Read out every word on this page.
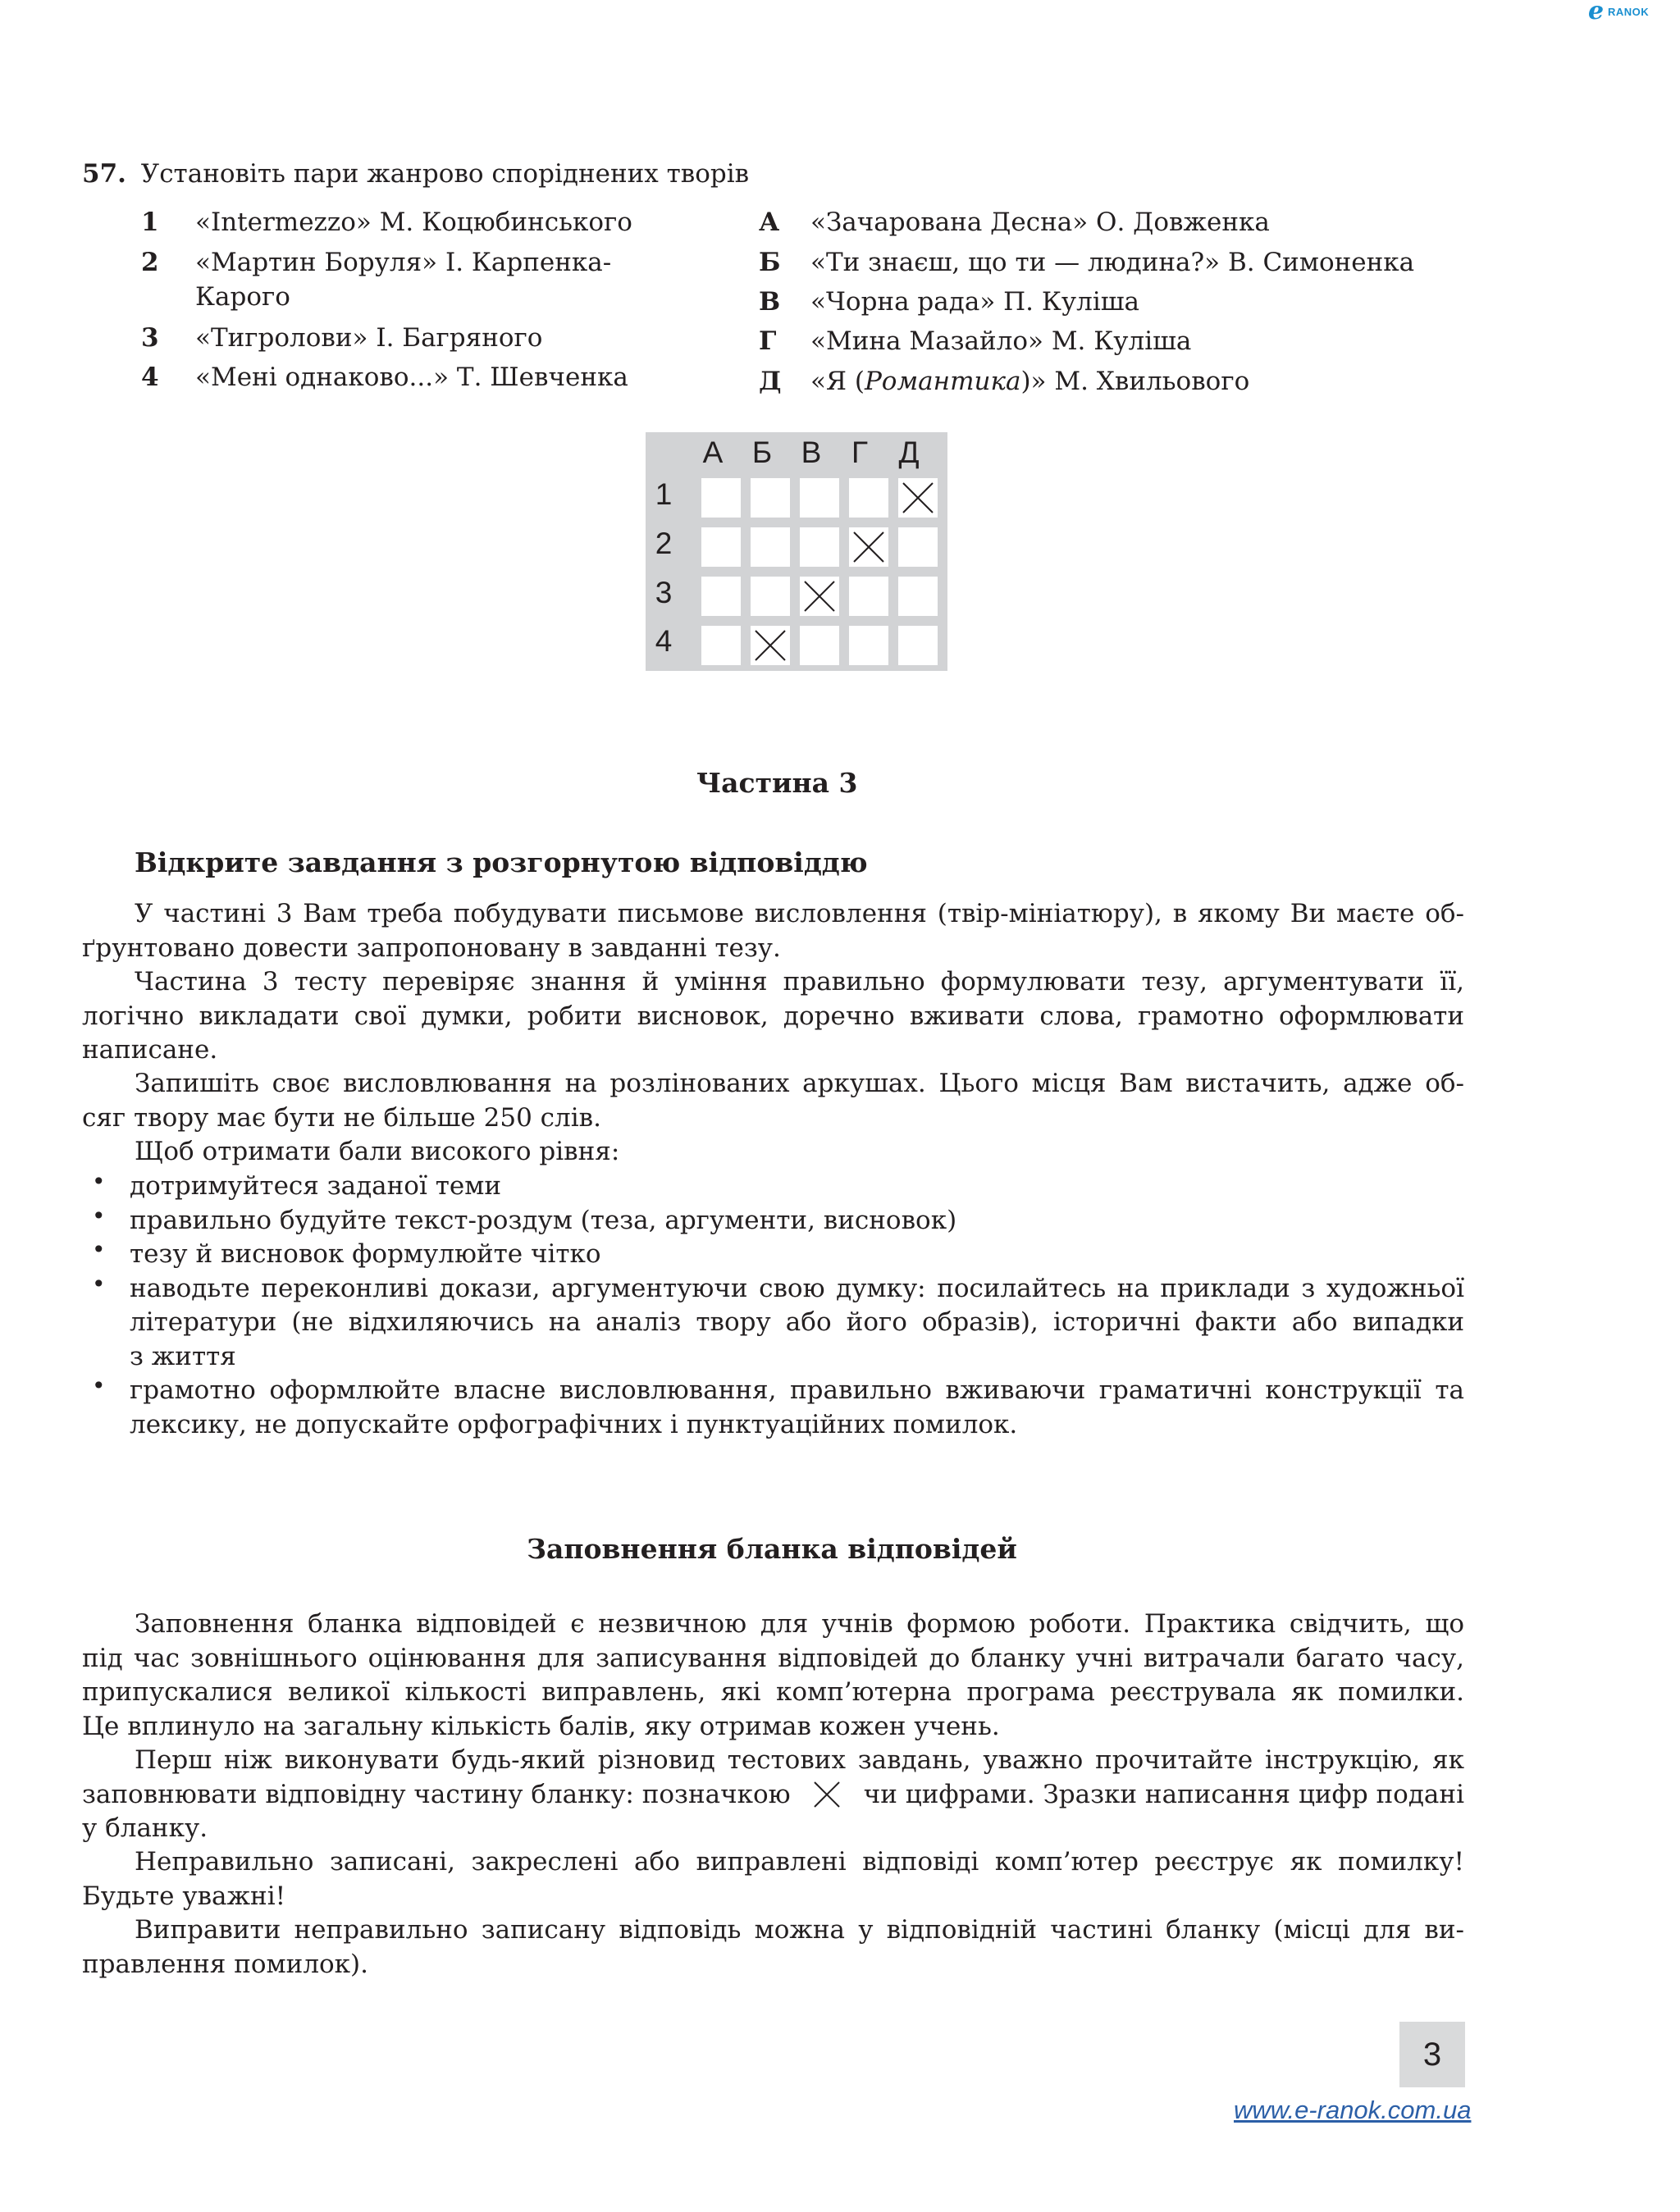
e RANOK
57. Установіть пари жанрово споріднених творів
1 «Intermezzo» М. Коцюбинського
2 «Мартин Боруля» І. Карпенка-
Карого
3 «Тигролови» І. Багряного
4 «Мені однаково...» Т. Шевченка
А «Зачарована Десна» О. Довженка
Б «Ти знаєш, що ти — людина?» В. Симоненка
В «Чорна рада» П. Куліша
Г «Мина Мазайло» М. Куліша
Д «Я (Романтика)» М. Хвильового
А Б В Г	Д
1
2
3
4
Частина 3
Відкрите завдання з розгорнутою відповіддю
У частині 3 Вам треба побудувати письмове висловлення (твір-мініатюру), в якому Ви маєте об-
ґрунтовано довести запропоновану в завданні тезу.
Частина 3 тесту перевіряє знання й уміння правильно формулювати тезу, аргументувати її,
логічно викладати свої думки, робити висновок, доречно вживати слова, грамотно оформлювати
написане.
Запишіть своє висловлювання на розлінованих аркушах. Цього місця Вам вистачить, адже об-
сяг твору має бути не більше 250 слів.
Щоб отримати бали високого рівня:
• дотримуйтеся заданої теми
• правильно будуйте текст-роздум (теза, аргументи, висновок)
• тезу й висновок формулюйте чітко
• наводьте переконливі докази, аргументуючи свою думку: посилайтесь на приклади з художньої
літератури (не відхиляючись на аналіз твору або його образів), історичні факти або випадки
з життя
• грамотно оформлюйте власне висловлювання, правильно вживаючи граматичні конструкції та
лексику, не допускайте орфографічних і пунктуаційних помилок.
Заповнення бланка відповідей
Заповнення бланка відповідей є незвичною для учнів формою роботи. Практика свідчить, що
під час зовнішнього оцінювання для записування відповідей до бланку учні витрачали багато часу,
припускалися великої кількості виправлень, які комп’ютерна програма реєструвала як помилки.
Це вплинуло на загальну кількість балів, яку отримав кожен учень.
Перш ніж виконувати будь-який різновид тестових завдань, уважно прочитайте інструкцію, як
заповнювати відповідну частину бланку: позначкою	чи цифрами. Зразки написання цифр подані
у бланку.
Неправильно записані, закреслені або виправлені відповіді комп’ютер реєструє як помилку!
Будьте уважні!
Виправити неправильно записану відповідь можна у відповідній частині бланку (місці для ви-
правлення помилок).
3
www.e-ranok.com.ua
